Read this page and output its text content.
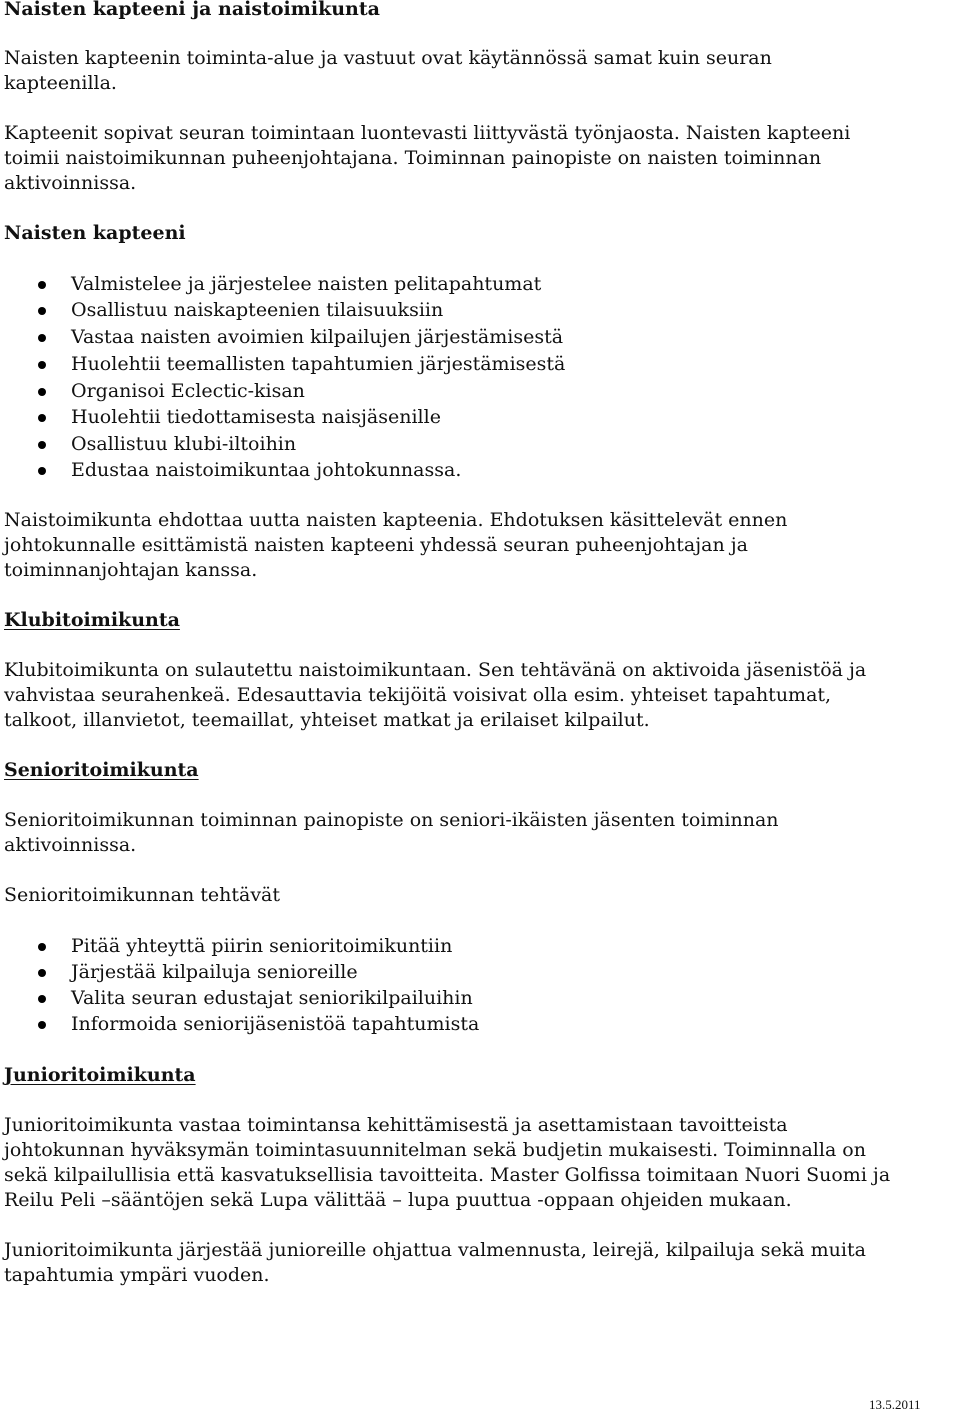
Naisten kapteeni ja naistoimikunta
Naisten kapteenin toiminta-alue ja vastuut ovat käytännössä samat kuin seuran
kapteenilla.
Kapteenit sopivat seuran toimintaan luontevasti liittyvästä työnjaosta. Naisten kapteeni
toimii naistoimikunnan puheenjohtajana. Toiminnan painopiste on naisten toiminnan
aktivoinnissa.
Naisten kapteeni
Valmistelee ja järjestelee naisten pelitapahtumat
Osallistuu naiskapteenien tilaisuuksiin
Vastaa naisten avoimien kilpailujen järjestämisestä
Huolehtii teemallisten tapahtumien järjestämisestä
Organisoi Eclectic-kisan
Huolehtii tiedottamisesta naisjäsenille
Osallistuu klubi-iltoihin
Edustaa naistoimikuntaa johtokunnassa.
Naistoimikunta ehdottaa uutta naisten kapteenia. Ehdotuksen käsittelevät ennen
johtokunnalle esittämistä naisten kapteeni yhdessä seuran puheenjohtajan ja
toiminnanjohtajan kanssa.
Klubitoimikunta
Klubitoimikunta on sulautettu naistoimikuntaan. Sen tehtävänä on aktivoida jäsenistöä ja
vahvistaa seurahenkeä. Edesauttavia tekijöitä voisivat olla esim. yhteiset tapahtumat,
talkoot, illanvietot, teemaillat, yhteiset matkat ja erilaiset kilpailut.
Senioritoimikunta
Senioritoimikunnan toiminnan painopiste on seniori-ikäisten jäsenten toiminnan
aktivoinnissa.
Senioritoimikunnan tehtävät
Pitää yhteyttä piirin senioritoimikuntiin
Järjestää kilpailuja senioreille
Valita seuran edustajat seniorikilpailuihin
Informoida seniorijäsenistöä tapahtumista
Junioritoimikunta
Junioritoimikunta vastaa toimintansa kehittämisestä ja asettamistaan tavoitteista
johtokunnan hyväksymän toimintasuunnitelman sekä budjetin mukaisesti. Toiminnalla on
sekä kilpailullisia että kasvatuksellisia tavoitteita. Master Golfissa toimitaan Nuori Suomi ja
Reilu Peli –sääntöjen sekä Lupa välittää – lupa puuttua -oppaan ohjeiden mukaan.
Junioritoimikunta järjestää junioreille ohjattua valmennusta, leirejä, kilpailuja sekä muita
tapahtumia ympäri vuoden.
13.5.2011
